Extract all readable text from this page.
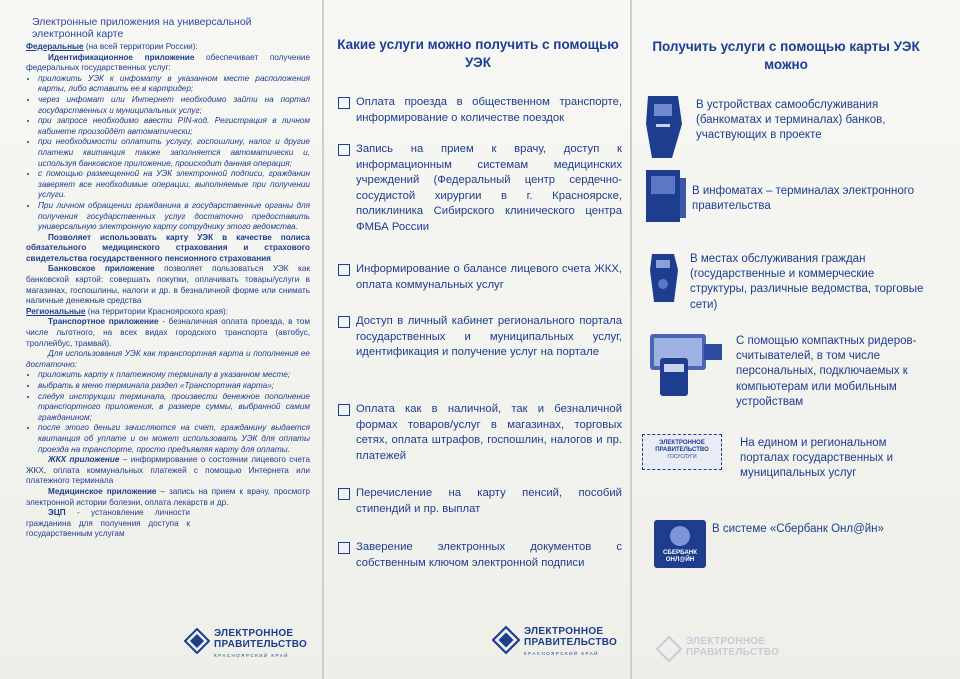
Электронные приложения на универсальной электронной карте

Федеральные (на всей территории России):

Идентификационное приложение обеспечивает получение федеральных государственных услуг:

• приложить УЭК к инфомату в указанном месте расположения карты, либо вставить ее в картридер;
• через инфомат или Интернет необходимо зайти на портал государственных и муниципальных услуг;
• при запросе необходимо ввести PIN-код. Регистрация в личном кабинете произойдёт автоматически;
• при необходимости оплатить услугу, госпошлину, налог и другие платежи квитанция также заполняется автоматически и, используя банковское приложение, происходит данная операция;
• с помощью размещенной на УЭК электронной подписи, гражданин заверяет все необходимые операции, выполняемые при получении услуги.
• При личном обращении гражданина в государственные органы для получения государственных услуг достаточно предоставить универсальную электронную карту сотруднику этого ведомства.

Позволяет использовать карту УЭК в качестве полиса обязательного медицинского страхования и страхового свидетельства государственного пенсионного страхования

Банковское приложение позволяет пользоваться УЭК как банковской картой: совершать покупки, оплачивать товары/услуги в магазинах, госпошлины, налоги и др. в безналичной форме или снимать наличные денежные средства

Региональные (на территории Красноярского края):

Транспортное приложение - безналичная оплата проезда, в том числе льготного, на всех видах городского транспорта (автобус, троллейбус, трамвай).

Для использования УЭК как транспортная карта и пополнения ее достаточно:

• приложить карту к платежному терминалу в указанном месте;
• выбрать в меню терминала раздел «Транспортная карта»;
• следуя инструкции терминала, произвести денежное пополнение транспортного приложения, в размере суммы, выбранной самим гражданином;
• после этого деньги зачисляются на счет, гражданину выдается квитанция об уплате и он может использовать УЭК для оплаты проезда на транспорте, просто предъявляя карту для оплаты.

ЖКХ приложение – информирование о состоянии лицевого счета ЖКХ, оплата коммунальных платежей с помощью Интернета или платежного терминала

Медицинское приложение – запись на прием к врачу, просмотр электронной истории болезни, оплата лекарств и др.

ЭЦП - установление личности гражданина для получения доступа к государственным услугам

ЭЛЕКТРОННОЕ
ПРАВИТЕЛЬСТВО
КРАСНОЯРСКИЙ КРАЙ
Какие услуги можно получить с помощью УЭК
Оплата проезда в общественном транспорте, информирование о количестве поездок
Запись на прием к врачу, доступ к информационным системам медицинских учреждений (Федеральный центр сердечно-сосудистой хирургии в г. Красноярске, поликлиника Сибирского клинического центра ФМБА России
Информирование о балансе лицевого счета ЖКХ, оплата коммунальных услуг
Доступ в личный кабинет регионального портала государственных и муниципальных услуг, идентификация и получение услуг на портале
Оплата как в наличной, так и безналичной формах товаров/услуг в магазинах, торговых сетях, оплата штрафов, госпошлин, налогов и пр. платежей
Перечисление на карту пенсий, пособий стипендий и пр. выплат
Заверение электронных документов с собственным ключом электронной подписи
ЭЛЕКТРОННОЕ
ПРАВИТЕЛЬСТВО
КРАСНОЯРСКИЙ КРАЙ
Получить услуги с помощью карты УЭК можно
В устройствах самообслуживания (банкоматах и терминалах) банков, участвующих в проекте
В инфоматах – терминалах электронного правительства
В местах обслуживания граждан (государственные и коммерческие структуры, различные ведомства, торговые сети)
С помощью компактных ридеров-считывателей, в том числе персональных, подключаемых к компьютерам или мобильным устройствам
ЭЛЕКТРОННОЕ
ПРАВИТЕЛЬСТВО
ГОСУСЛУГИ
На едином и региональном порталах государственных и муниципальных услуг
СБЕРБАНК
ОНЛ@ЙН
В системе «Сбербанк Онл@йн»
ЭЛЕКТРОННОЕ
ПРАВИТЕЛЬСТВО
